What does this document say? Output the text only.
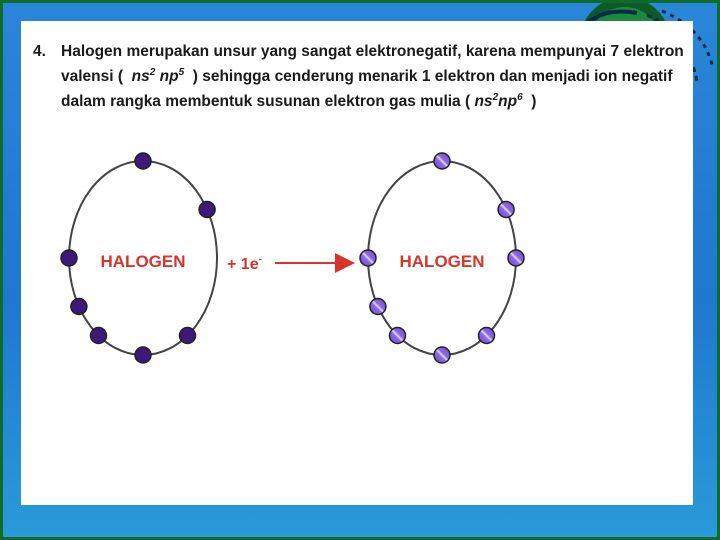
4. Halogen merupakan unsur yang sangat elektronegatif, karena mempunyai 7 elektron
valensi ( $ns^2$ $np^5$ ) sehingga cenderung menarik 1 elektron dan menjadi ion negatif
dalam rangka membentuk susunan elektron gas mulia ( $ns^2np^6$ )
HALOGEN	+ 1e-	HALOGEN
